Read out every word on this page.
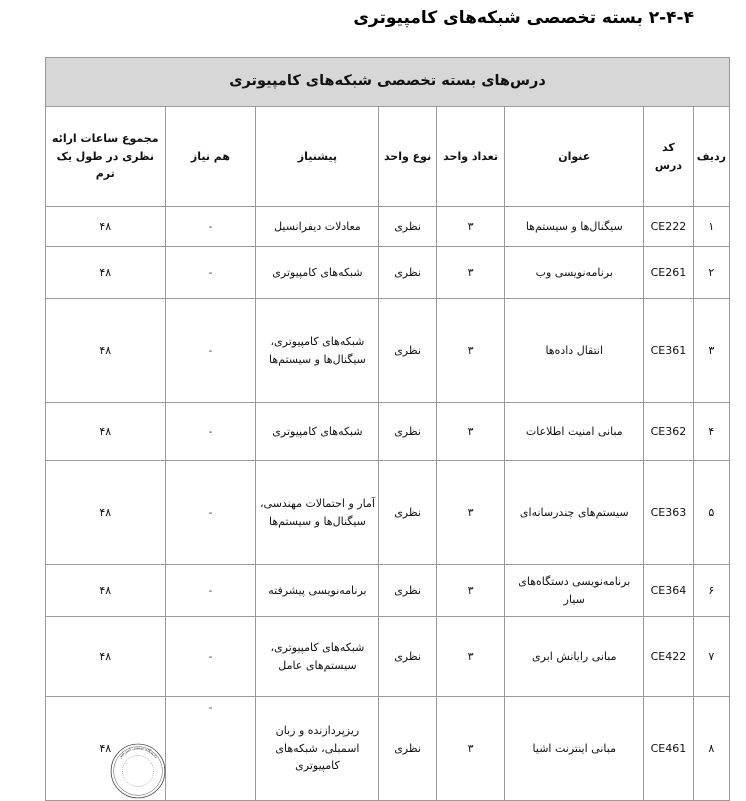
۲-۴-۴ بسته تخصصی شبکه‌های کامپیوتری
درس‌های بسته تخصصی شبکه‌های کامپیوتری							
ردیف	کد درس	عنوان	تعداد واحد	نوع واحد	پیشنیاز	هم نیاز	مجموع ساعات ارائه نظری در طول یک ترم
۱	CE222	سیگنال‌ها و سیستم‌ها	۳	نظری	معادلات دیفرانسیل	-	۴۸
۲	CE261	برنامه‌نویسی وب	۳	نظری	شبکه‌های کامپیوتری	-	۴۸
۳	CE361	انتقال داده‌ها	۳	نظری	شبکه‌های کامپیوتری، سیگنال‌ها و سیستم‌ها	-	۴۸
۴	CE362	مبانی امنیت اطلاعات	۳	نظری	شبکه‌های کامپیوتری	-	۴۸
۵	CE363	سیستم‌های چندرسانه‌ای	۳	نظری	آمار و احتمالات مهندسی، سیگنال‌ها و سیستم‌ها	-	۴۸
۶	CE364	برنامه‌نویسی دستگاه‌های سیار	۳	نظری	برنامه‌نویسی پیشرفته	-	۴۸
۷	CE422	مبانی رایانش ابری	۳	نظری	شبکه‌های کامپیوتری، سیستم‌های عامل	-	۴۸
۸	CE461	مبانی اینترنت اشیا	۳	نظری	ریزپردازنده و زبان اسمبلی، شبکه‌های کامپیوتری	-	۴۸
دانشگاه صنعتی امیرکبیر
